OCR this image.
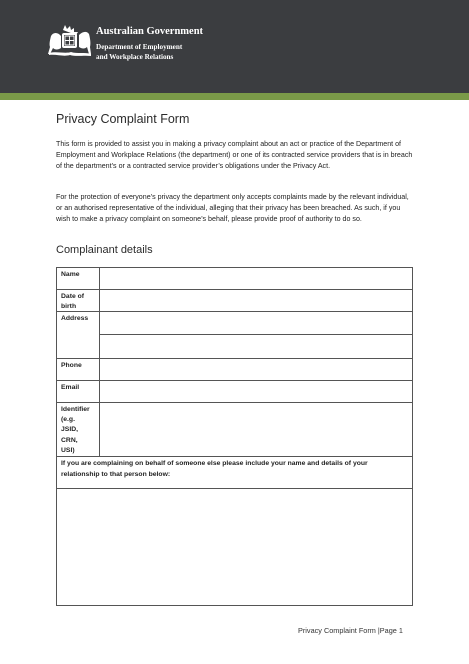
Australian Government
Department of Employment
and Workplace Relations
Privacy Complaint Form
This form is provided to assist you in making a privacy complaint about an act or practice of the Department of Employment and Workplace Relations (the department) or one of its contracted service providers that is in breach of the department’s or a contracted service provider’s obligations under the Privacy Act.
For the protection of everyone’s privacy the department only accepts complaints made by the relevant individual, or an authorised representative of the individual, alleging that their privacy has been breached. As such, if you wish to make a privacy complaint on someone’s behalf, please provide proof of authority to do so.
Complainant details
Name
Date of
birth
Address
Phone
Email
Identifier
(e.g.
JSID,
CRN,
USI)
If you are complaining on behalf of someone else please include your name and details of your relationship to that person below:
Privacy Complaint Form |Page 1
